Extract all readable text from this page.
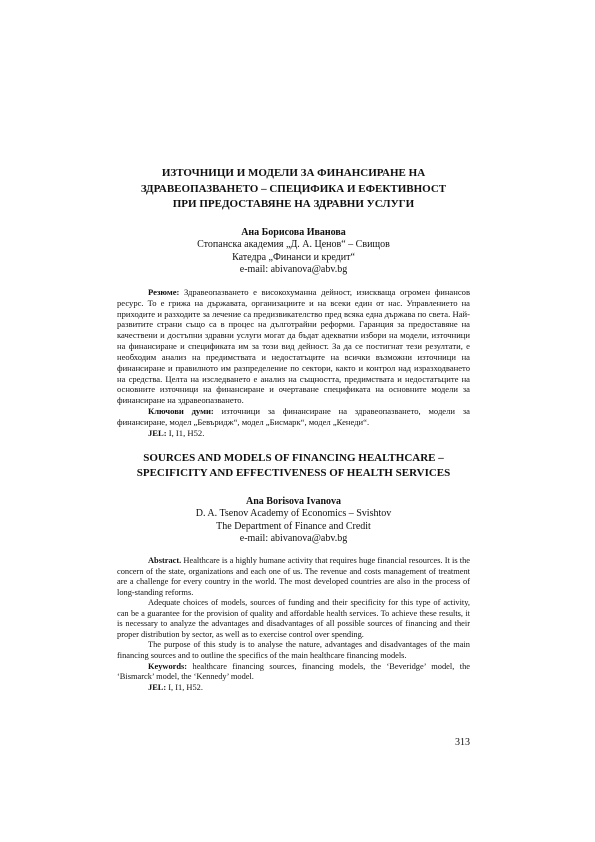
ИЗТОЧНИЦИ И МОДЕЛИ ЗА ФИНАНСИРАНЕ НА
ЗДРАВЕОПАЗВАНЕТО – СПЕЦИФИКА И ЕФЕКТИВНОСТ
ПРИ ПРЕДОСТАВЯНЕ НА ЗДРАВНИ УСЛУГИ
Ана Борисова Иванова
Стопанска академия „Д. А. Ценов“ – Свищов
Катедра „Финанси и кредит“
e-mail: abivanova@abv.bg

Резюме: Здравеопазването е високохуманна дейност, изискваща огромен финансов ресурс. То е грижа на държавата, организациите и на всеки един от нас. Управлението на приходите и разходите за лечение са предизвикателство пред всяка една държава по света. Най-развитите страни също са в процес на дълготрайни реформи. Гаранция за предоставяне на качествени и достъпни здравни услуги могат да бъдат адекватни избори на модели, източници на финансиране и спецификата им за този вид дейност. За да се постигнат тези резултати, е необходим анализ на предимствата и недостатъците на всички възможни източници на финансиране и правилното им разпределение по сектори, както и контрол над изразходването на средства. Целта на изследването е анализ на същността, предимствата и недостатъците на основните източници на финансиране и очертаване спецификата на основните модели за финансиране на здравеопазването.

Ключови думи: източници за финансиране на здравеопазването, модели за финансиране, модел „Бевъридж“, модел „Бисмарк“, модел „Кенеди“.

JEL: I, I1, H52.

SOURCES AND MODELS OF FINANCING HEALTHCARE –
SPECIFICITY AND EFFECTIVENESS OF HEALTH SERVICES
Ana Borisova Ivanova
D. A. Tsenov Academy of Economics – Svishtov
The Department of Finance and Credit
e-mail: abivanova@abv.bg

Abstract. Healthcare is a highly humane activity that requires huge financial resources. It is the concern of the state, organizations and each one of us. The revenue and costs management of treatment are a challenge for every country in the world. The most developed countries are also in the process of long-standing reforms.

Adequate choices of models, sources of funding and their specificity for this type of activity, can be a guarantee for the provision of quality and affordable health services. To achieve these results, it is necessary to analyze the advantages and disadvantages of all possible sources of financing and their proper distribution by sector, as well as to exercise control over spending.

The purpose of this study is to analyse the nature, advantages and disadvantages of the main financing sources and to outline the specifics of the main healthcare financing models.

Keywords: healthcare financing sources, financing models, the ‘Beveridge’ model, the ‘Bismarck’ model, the ‘Kennedy’ model.

JEL: I, I1, H52.

313
